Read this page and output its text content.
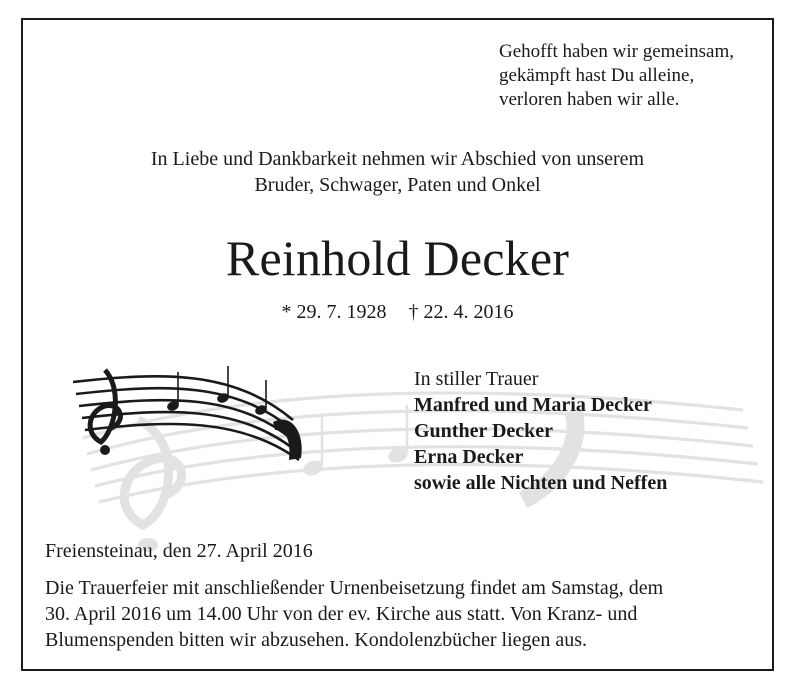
Gehofft haben wir gemeinsam,

gekämpft hast Du alleine,

verloren haben wir alle.

In Liebe und Dankbarkeit nehmen wir Abschied von unserem

Bruder, Schwager, Paten und Onkel

Reinhold Decker

* 29. 7. 1928 † 22. 4. 2016

In stiller Trauer

Manfred und Maria Decker

Gunther Decker

Erna Decker

sowie alle Nichten und Neffen

Freiensteinau, den 27. April 2016

Die Trauerfeier mit anschließender Urnenbeisetzung findet am Samstag, dem

30. April 2016 um 14.00 Uhr von der ev. Kirche aus statt. Von Kranz- und

Blumenspenden bitten wir abzusehen. Kondolenzbücher liegen aus.
